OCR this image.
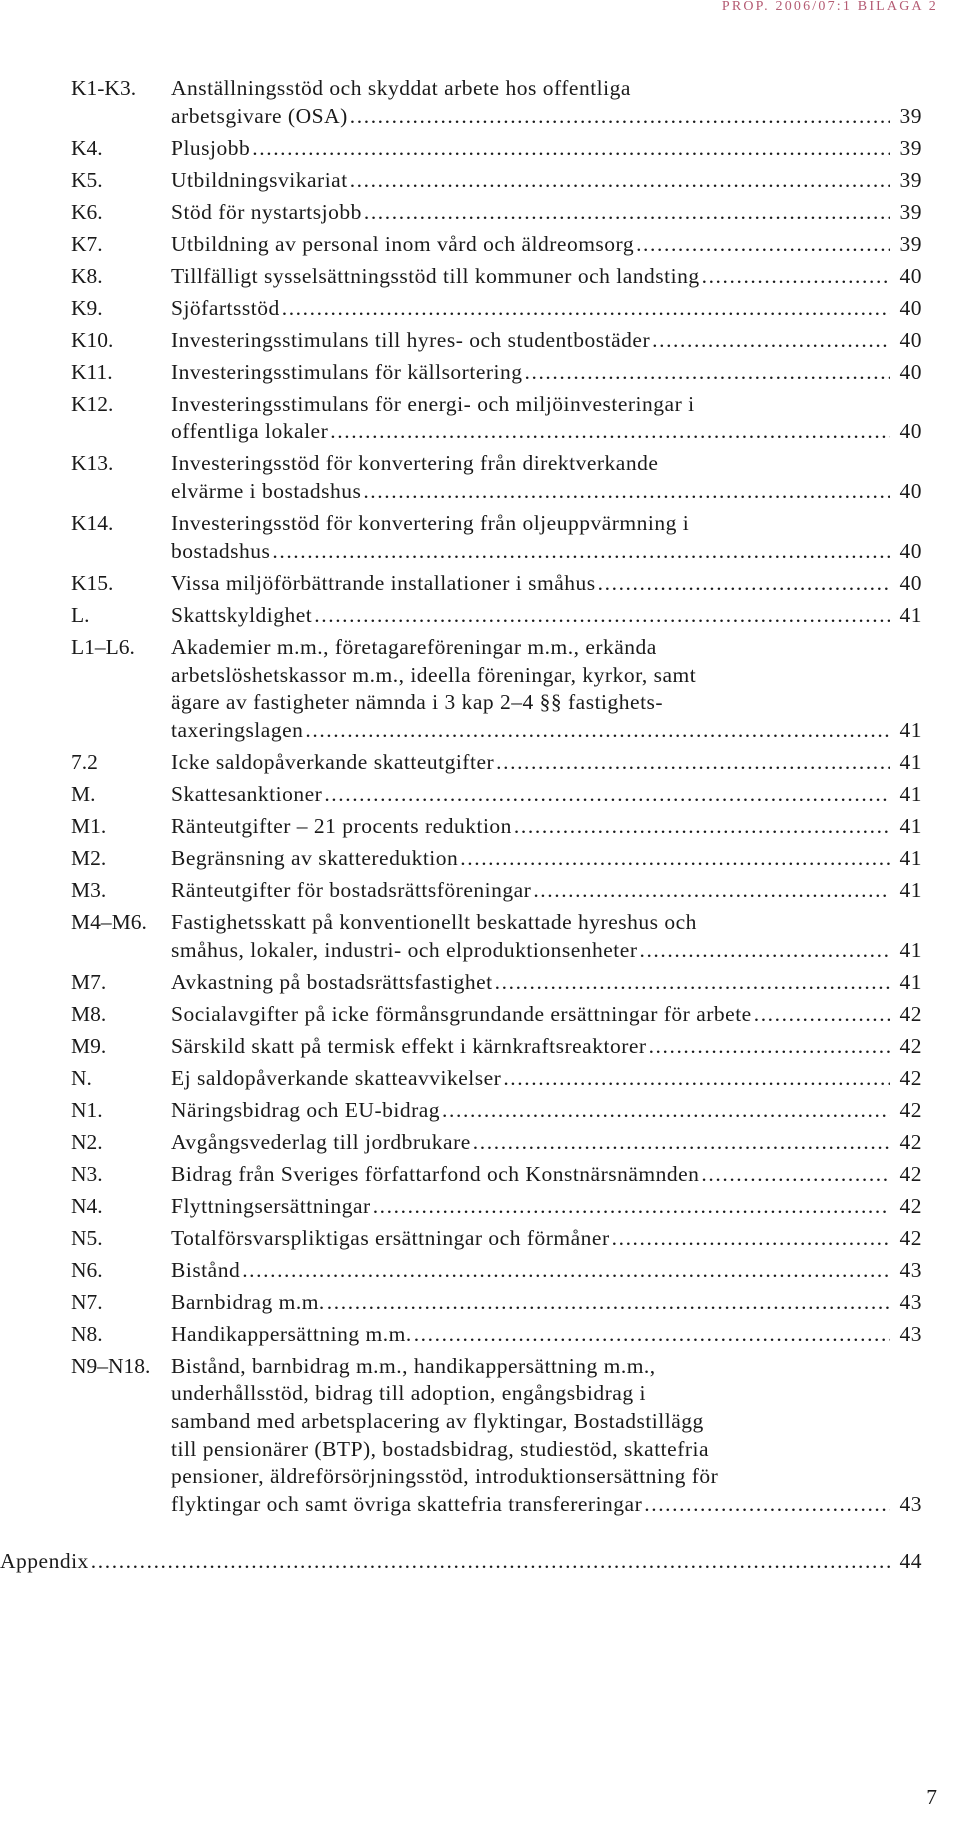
PROP. 2006/07:1 BILAGA 2
K1-K3. Anställningsstöd och skyddat arbete hos offentliga
arbetsgivare (OSA) .....	39
K4.	Plusjobb .....	39
K5.	Utbildningsvikariat .....	39
K6.	Stöd för nystartsjobb .....	39
K7.	Utbildning av personal inom vård och äldreomsorg .....	39
K8.	Tillfälligt sysselsättningsstöd till kommuner och landsting .....	40
K9.	Sjöfartsstöd .....	40
K10.	Investeringsstimulans till hyres- och studentbostäder .....	40
K11.	Investeringsstimulans för källsortering .....	40
K12.	Investeringsstimulans för energi- och miljöinvesteringar i
offentliga lokaler .....	40
K13.	Investeringsstöd för konvertering från direktverkande
elvärme i bostadshus .....	40
K14.	Investeringsstöd för konvertering från oljeuppvärmning i
bostadshus .....	40
K15.	Vissa miljöförbättrande installationer i småhus .....	40
L.	Skattskyldighet .....	41
L1–L6. Akademier m.m., företagareföreningar m.m., erkända
arbetslöshetskassor m.m., ideella föreningar, kyrkor, samt
ägare av fastigheter nämnda i 3 kap 2–4 §§ fastighets-
taxeringslagen .....	41
7.2	Icke saldopåverkande skatteutgifter .....	41
M.	Skattesanktioner .....	41
M1.	Ränteutgifter – 21 procents reduktion .....	41
M2.	Begränsning av skattereduktion .....	41
M3.	Ränteutgifter för bostadsrättsföreningar .....	41
M4–M6. Fastighetsskatt på konventionellt beskattade hyreshus och
småhus, lokaler, industri- och elproduktionsenheter .....	41
M7.	Avkastning på bostadsrättsfastighet .....	41
M8.	Socialavgifter på icke förmånsgrundande ersättningar för arbete .....	42
M9.	Särskild skatt på termisk effekt i kärnkraftsreaktorer .....	42
N.	Ej saldopåverkande skatteavvikelser .....	42
N1.	Näringsbidrag och EU-bidrag .....	42
N2.	Avgångsvederlag till jordbrukare .....	42
N3.	Bidrag från Sveriges författarfond och Konstnärsnämnden .....	42
N4.	Flyttningsersättningar .....	42
N5.	Totalförsvarspliktigas ersättningar och förmåner .....	42
N6.	Bistånd .....	43
N7.	Barnbidrag m.m. .....	43
N8.	Handikappersättning m.m. .....	43
N9–N18. Bistånd, barnbidrag m.m., handikappersättning m.m.,
underhållsstöd, bidrag till adoption, engångsbidrag i
samband med arbetsplacering av flyktingar, Bostadstillägg
till pensionärer (BTP), bostadsbidrag, studiestöd, skattefria
pensioner, äldreförsörjningsstöd, introduktionsersättning för
flyktingar och samt övriga skattefria transfereringar .....	43
Appendix .....	44
7
